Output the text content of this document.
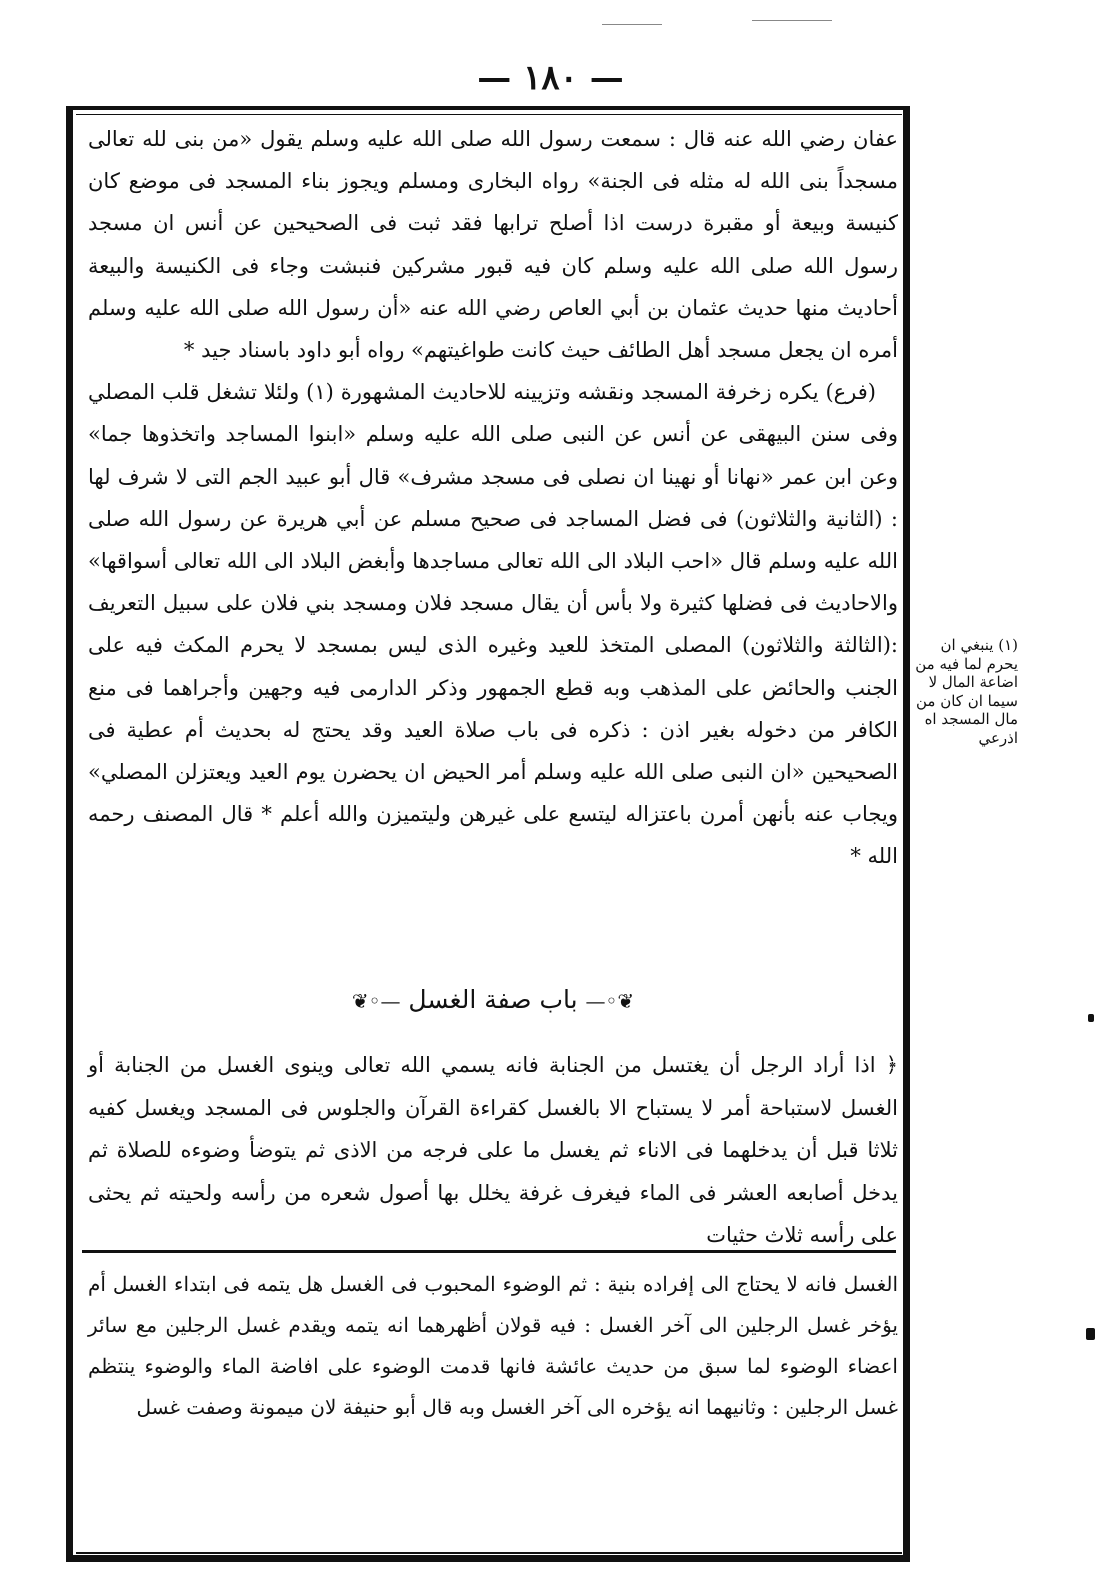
— ١٨٠ —

عفان رضي الله عنه قال : سمعت رسول الله صلى الله عليه وسلم يقول «من بنى لله تعالى مسجداً بنى الله له مثله فى الجنة» رواه البخارى ومسلم ويجوز بناء المسجد فى موضع كان كنيسة وبيعة أو مقبرة درست اذا أصلح ترابها فقد ثبت فى الصحيحين عن أنس ان مسجد رسول الله صلى الله عليه وسلم كان فيه قبور مشركين فنبشت وجاء فى الكنيسة والبيعة أحاديث منها حديث عثمان بن أبي العاص رضي الله عنه «أن رسول الله صلى الله عليه وسلم أمره ان يجعل مسجد أهل الطائف حيث كانت طواغيتهم» رواه أبو داود باسناد جيد *

(فرع) يكره زخرفة المسجد ونقشه وتزيينه للاحاديث المشهورة (١) ولئلا تشغل قلب المصلي وفى سنن البيهقى عن أنس عن النبى صلى الله عليه وسلم «ابنوا المساجد واتخذوها جما» وعن ابن عمر «نهانا أو نهينا ان نصلى فى مسجد مشرف» قال أبو عبيد الجم التى لا شرف لها : (الثانية والثلاثون) فى فضل المساجد فى صحيح مسلم عن أبي هريرة عن رسول الله صلى الله عليه وسلم قال «احب البلاد الى الله تعالى مساجدها وأبغض البلاد الى الله تعالى أسواقها» والاحاديث فى فضلها كثيرة ولا بأس أن يقال مسجد فلان ومسجد بني فلان على سبيل التعريف :(الثالثة والثلاثون) المصلى المتخذ للعيد وغيره الذى ليس بمسجد لا يحرم المكث فيه على الجنب والحائض على المذهب وبه قطع الجمهور وذكر الدارمى فيه وجهين وأجراهما فى منع الكافر من دخوله بغير اذن : ذكره فى باب صلاة العيد وقد يحتج له بحديث أم عطية فى الصحيحين «ان النبى صلى الله عليه وسلم أمر الحيض ان يحضرن يوم العيد ويعتزلن المصلي» ويجاب عنه بأنهن أمرن باعتزاله ليتسع على غيرهن وليتميزن والله أعلم * قال المصنف رحمه الله *

❦◦— باب صفة الغسل —◦❦
﴿ اذا أراد الرجل أن يغتسل من الجنابة فانه يسمي الله تعالى وينوى الغسل من الجنابة أو الغسل لاستباحة أمر لا يستباح الا بالغسل كقراءة القرآن والجلوس فى المسجد ويغسل كفيه ثلاثا قبل أن يدخلهما فى الاناء ثم يغسل ما على فرجه من الاذى ثم يتوضأ وضوءه للصلاة ثم يدخل أصابعه العشر فى الماء فيغرف غرفة يخلل بها أصول شعره من رأسه ولحيته ثم يحثى على رأسه ثلاث حثيات
الغسل فانه لا يحتاج الى إفراده بنية : ثم الوضوء المحبوب فى الغسل هل يتمه فى ابتداء الغسل أم يؤخر غسل الرجلين الى آخر الغسل : فيه قولان أظهرهما انه يتمه ويقدم غسل الرجلين مع سائر اعضاء الوضوء لما سبق من حديث عائشة فانها قدمت الوضوء على افاضة الماء والوضوء ينتظم غسل الرجلين : وثانيهما انه يؤخره الى آخر الغسل وبه قال أبو حنيفة لان ميمونة وصفت غسل
(١) ينبغي ان يحرم لما فيه من اضاعة المال لا سيما ان كان من مال المسجد اه اذرعي
